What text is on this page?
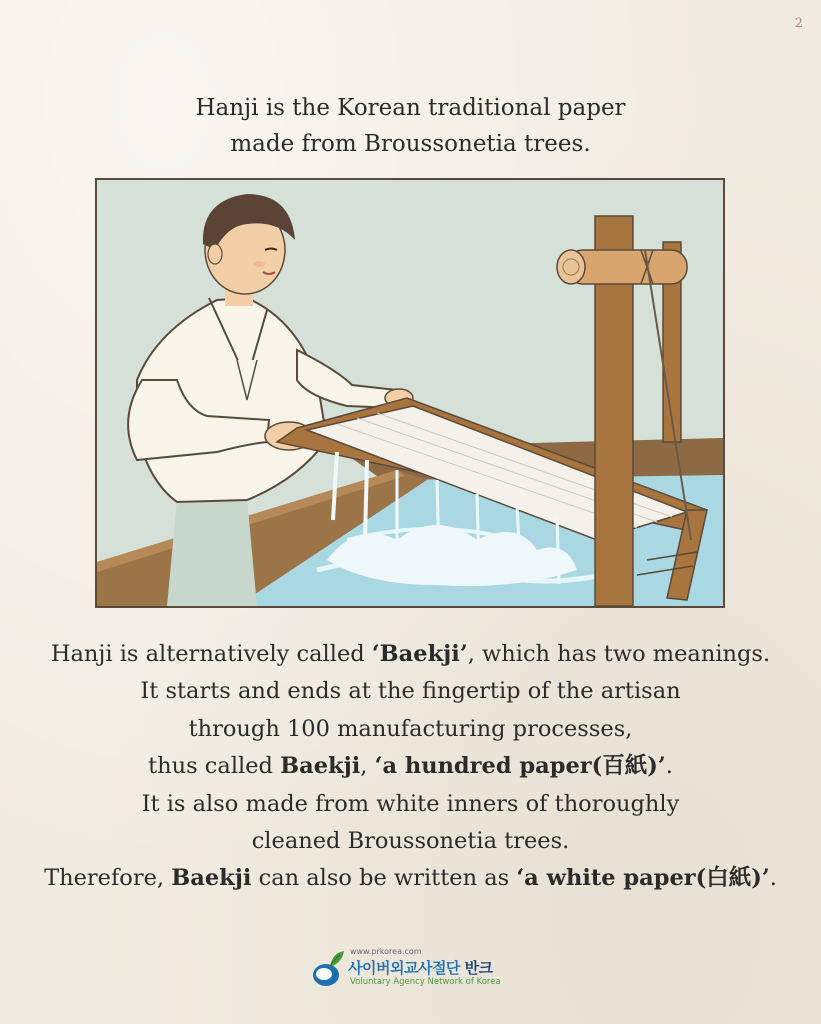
2
Hanji is the Korean traditional paper
made from Broussonetia trees.
Hanji is alternatively called ‘Baekji’, which has two meanings.
It starts and ends at the fingertip of the artisan
through 100 manufacturing processes,
thus called Baekji, ‘a hundred paper(百紙)’.
It is also made from white inners of thoroughly
cleaned Broussonetia trees.
Therefore, Baekji can also be written as ‘a white paper(白紙)’.
www.prkorea.com
사이버외교사절단 반크
Voluntary Agency Network of Korea
